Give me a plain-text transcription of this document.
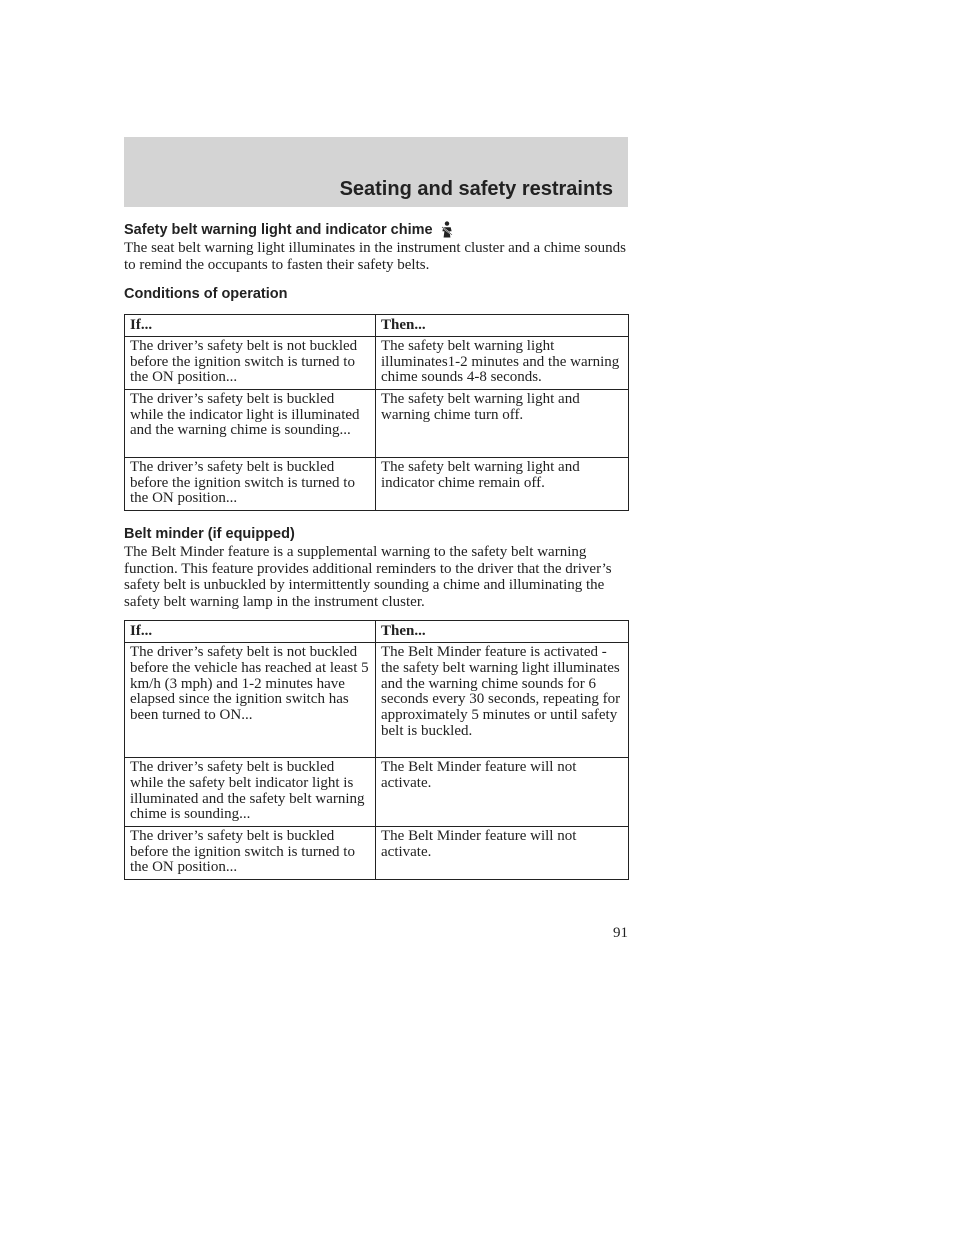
Seating and safety restraints
Safety belt warning light and indicator chime

The seat belt warning light illuminates in the instrument cluster and a chime sounds to remind the occupants to fasten their safety belts.

Conditions of operation
If...	Then...
The driver’s safety belt is not buckled before the ignition switch is turned to the ON position...	The safety belt warning light illuminates1-2 minutes and the warning chime sounds 4-8 seconds.
The driver’s safety belt is buckled while the indicator light is illuminated and the warning chime is sounding...	The safety belt warning light and warning chime turn off.
The driver’s safety belt is buckled before the ignition switch is turned to the ON position...	The safety belt warning light and indicator chime remain off.
Belt minder (if equipped)

The Belt Minder feature is a supplemental warning to the safety belt warning function. This feature provides additional reminders to the driver that the driver’s safety belt is unbuckled by intermittently sounding a chime and illuminating the safety belt warning lamp in the instrument cluster.

If...	Then...
The driver’s safety belt is not buckled before the vehicle has reached at least 5 km/h (3 mph) and 1-2 minutes have elapsed since the ignition switch has been turned to ON...	The Belt Minder feature is activated - the safety belt warning light illuminates and the warning chime sounds for 6 seconds every 30 seconds, repeating for approximately 5 minutes or until safety belt is buckled.
The driver’s safety belt is buckled while the safety belt indicator light is illuminated and the safety belt warning chime is sounding...	The Belt Minder feature will not activate.
The driver’s safety belt is buckled before the ignition switch is turned to the ON position...	The Belt Minder feature will not activate.
91
